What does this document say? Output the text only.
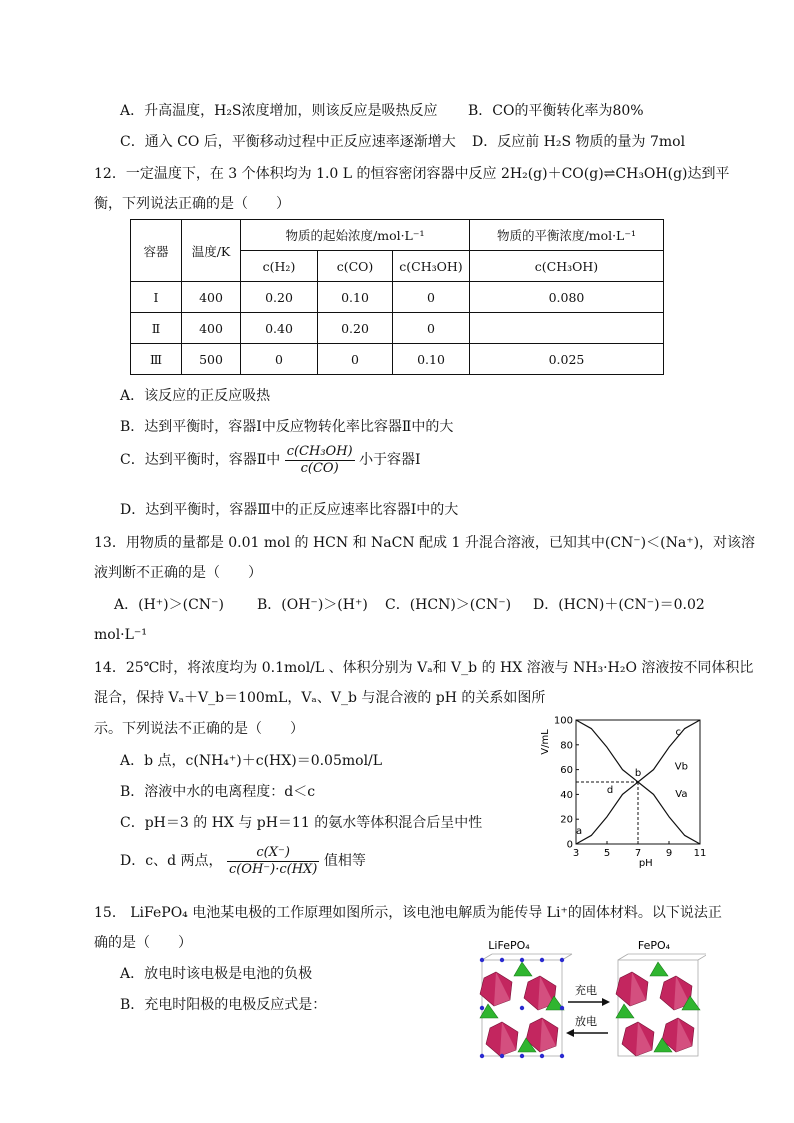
A．升高温度，H₂S浓度增加，则该反应是吸热反应 B．CO的平衡转化率为80%
C．通入 CO 后，平衡移动过程中正反应速率逐渐增大 D．反应前 H₂S 物质的量为 7mol
12．一定温度下，在 3 个体积均为 1.0 L 的恒容密闭容器中反应 2H₂(g)＋CO(g)⇌CH₃OH(g)达到平
衡，下列说法正确的是（　　）
容器	温度/K	物质的起始浓度/mol·L⁻¹			物质的平衡浓度/mol·L⁻¹
		c(H₂)	c(CO)	c(CH₃OH)	c(CH₃OH)
Ⅰ	400	0.20	0.10	0	0.080
Ⅱ	400	0.40	0.20	0	
Ⅲ	500	0	0	0.10	0.025
A．该反应的正反应吸热
B．达到平衡时，容器Ⅰ中反应物转化率比容器Ⅱ中的大
C．达到平衡时，容器Ⅱ中 $\frac{\text{c(CH₃OH)}}{c(CO)}$ 小于容器Ⅰ
D．达到平衡时，容器Ⅲ中的正反应速率比容器Ⅰ中的大
13．用物质的量都是 0.01 mol 的 HCN 和 NaCN 配成 1 升混合溶液，已知其中(CN⁻)＜(Na⁺)，对该溶
液判断不正确的是（　　）
A．(H⁺)＞(CN⁻) B．(OH⁻)＞(H⁺) C．(HCN)＞(CN⁻) D．(HCN)＋(CN⁻)＝0.02
mol·L⁻¹
14．25℃时，将浓度均为 0.1mol/L 、体积分别为 Vₐ和 V_b 的 HX 溶液与 NH₃·H₂O 溶液按不同体积比
混合，保持 Vₐ＋V_b＝100mL，Vₐ、V_b 与混合液的 pH 的关系如图所
示。下列说法不正确的是（　　）
A．b 点，c(NH₄⁺)＋c(HX)＝0.05mol/L
B．溶液中水的电离程度：d＜c
C．pH＝3 的 HX 与 pH＝11 的氨水等体积混合后呈中性
D．c、d 两点， $\frac{c(X^-)}{c(OH^-)\cdot c(HX)}$ 值相等	3 5 7 9 11
0
20
40
60
80
100
pH
V/mL
a
b
c
d
Vb
Va
15． LiFePO₄ 电池某电极的工作原理如图所示，该电池电解质为能传导 Li⁺的固体材料。以下说法正
确的是（　　）
A．放电时该电极是电池的负极
B．充电时阳极的电极反应式是：
LiFePO₄	FePO₄
充电
放电
